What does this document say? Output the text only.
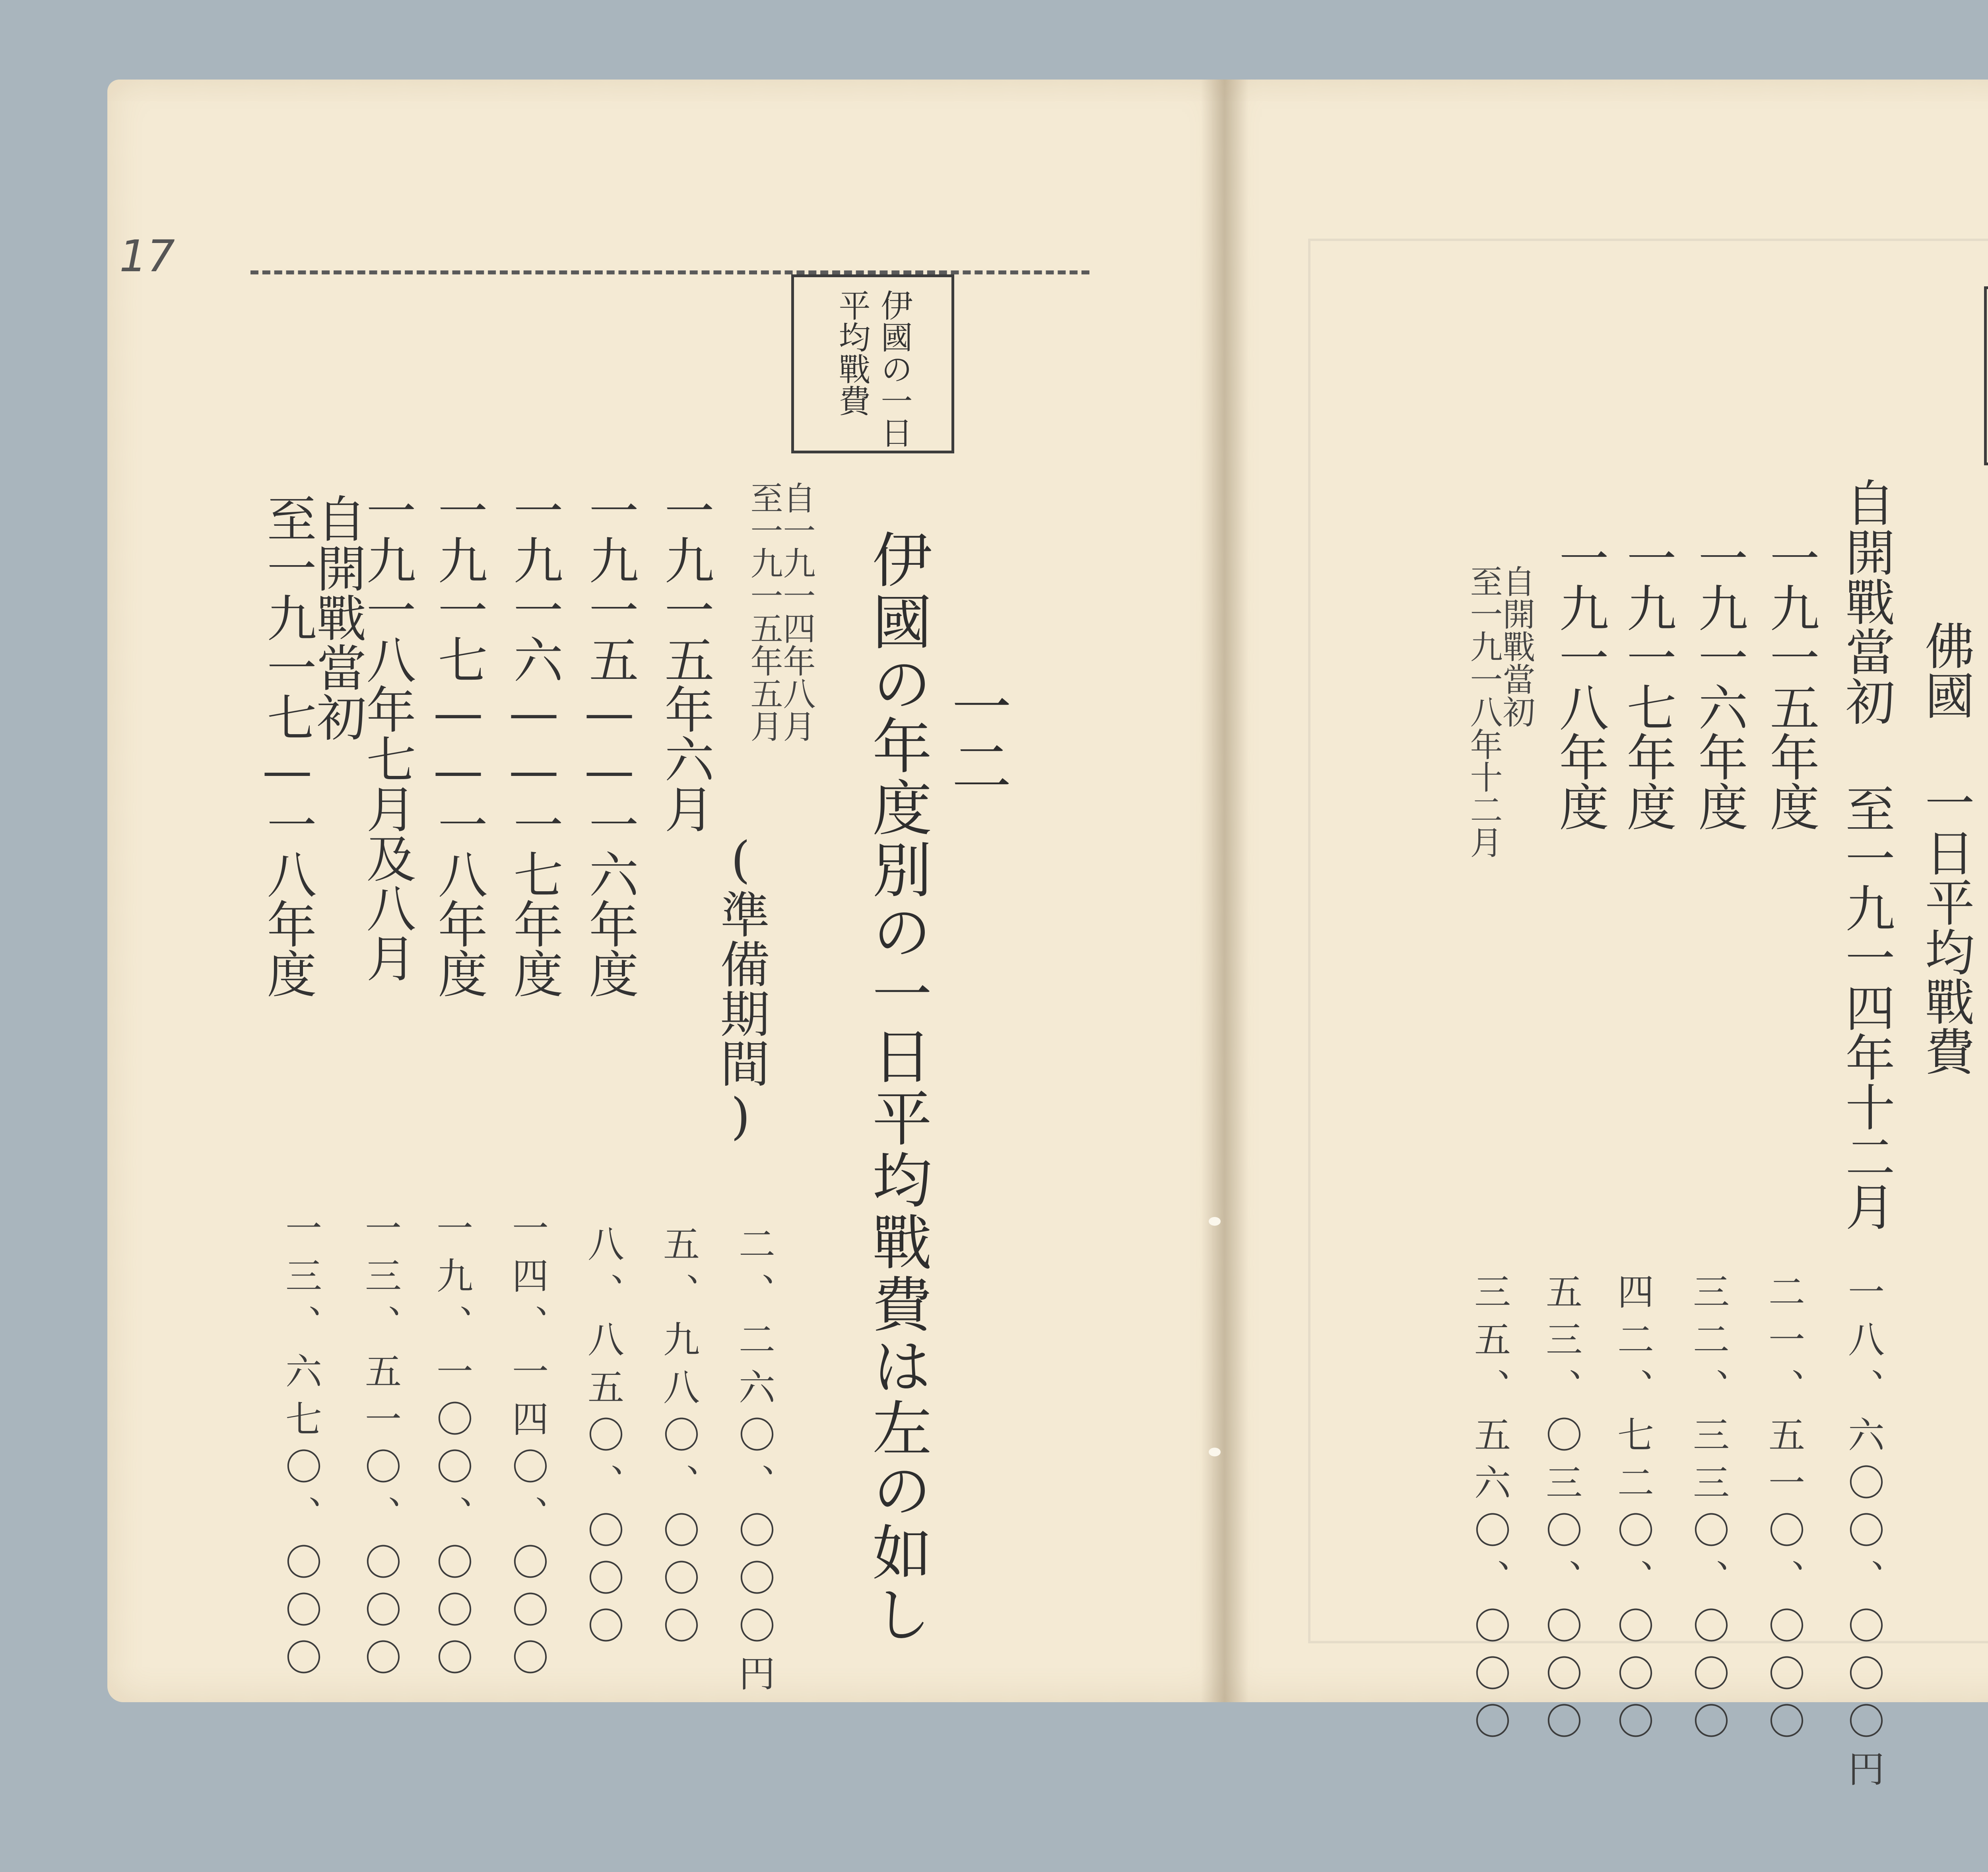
17
伊國の一日
平均戰費
一二
伊國の年度別の一日平均戰費は左の如し
自一九一四年八月
至一九一五年五月
(準備期間)
一九一五年六月
一九一五——一六年度
一九一六——一七年度
一九一七——一八年度
一九一八年七月及八月
自開戰當初
至一九一七—一八年度
二、二六〇、〇〇〇円
五、九八〇、〇〇〇
八、八五〇、〇〇〇
一四、一四〇、〇〇〇
一九、一〇〇、〇〇〇
一三、五一〇、〇〇〇
一三、六七〇、〇〇〇
佛國 一日平均戰費
自開戰當初 至一九一四年十二月
一九一五年度
一九一六年度
一九一七年度
一九一八年度
自開戰當初
至一九一八年十二月
一八、六〇〇、〇〇〇円
二一、五一〇、〇〇〇
三二、三三〇、〇〇〇
四二、七二〇、〇〇〇
五三、〇三〇、〇〇〇
三五、五六〇、〇〇〇
